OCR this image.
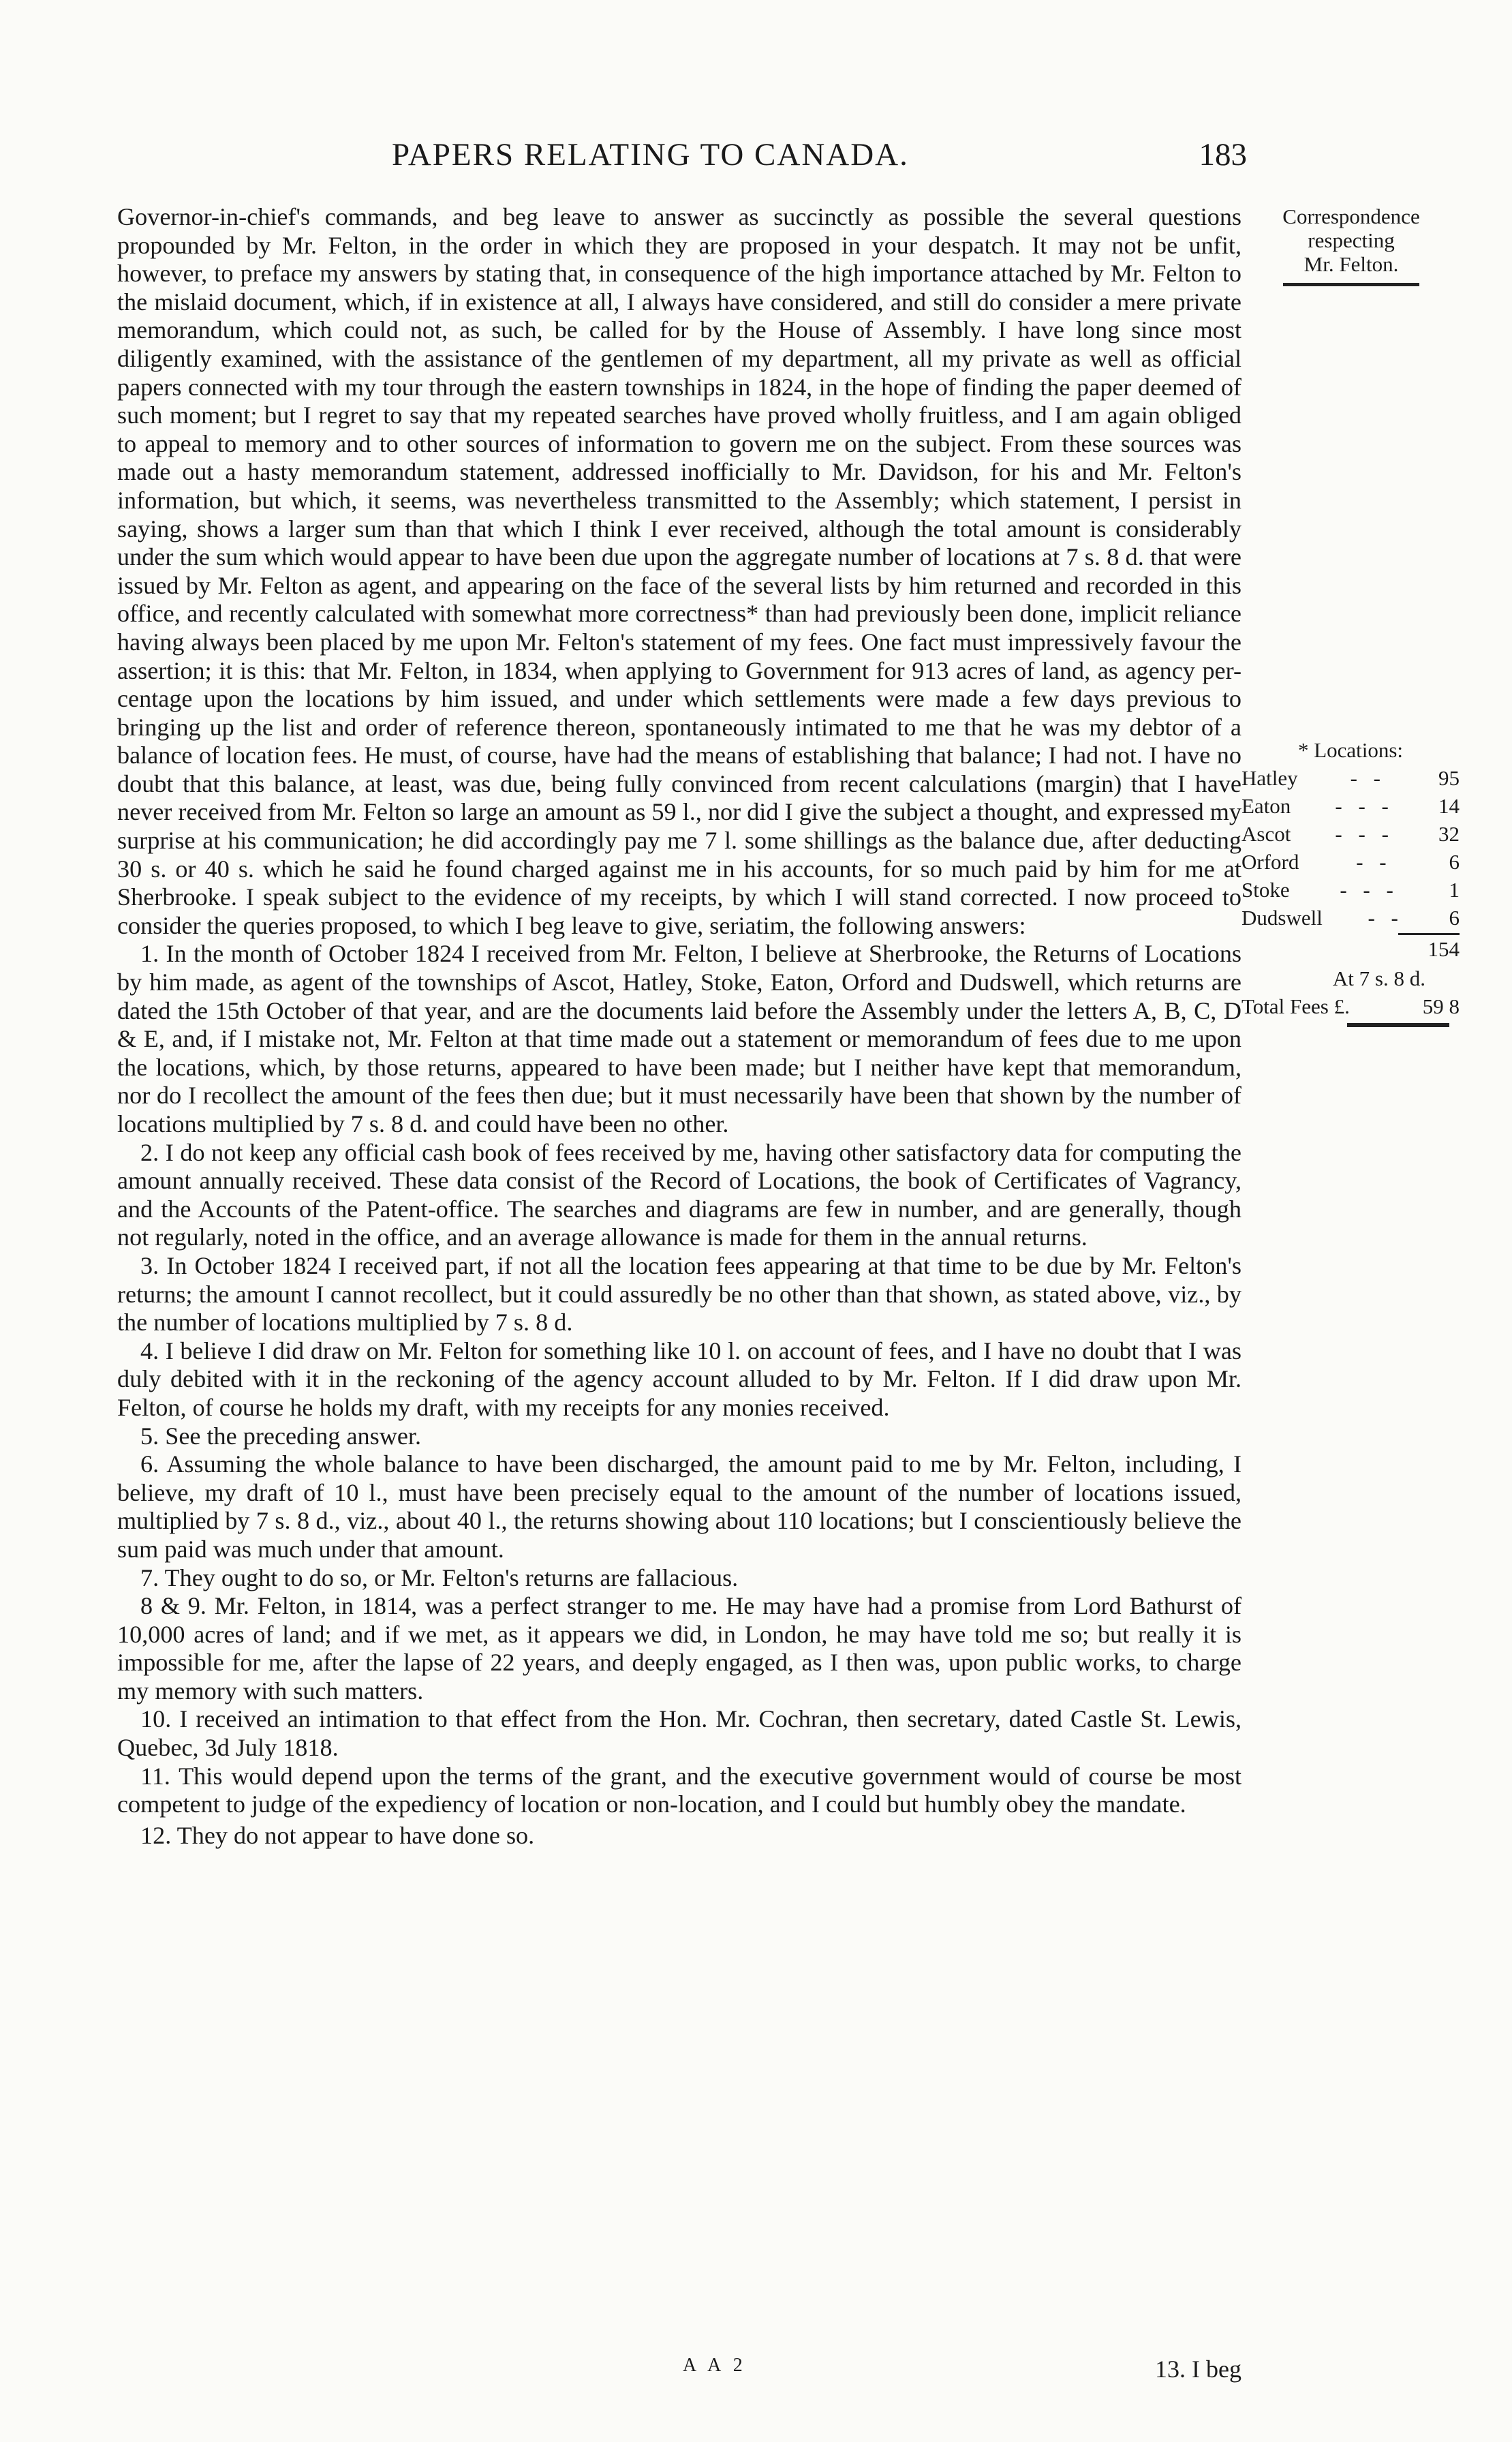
PAPERS RELATING TO CANADA.	183
Correspondence
respecting
Mr. Felton.
* Locations:
Hatley	- -	95
Eaton	- - -	14
Ascot	- - -	32
Orford	- -	6
Stoke	- - -	1
Dudswell	- -	6
154
At 7 s. 8 d.
Total Fees £.	59 8

Governor-in-chief's commands, and beg leave to answer as succinctly as possible the several questions propounded by Mr. Felton, in the order in which they are proposed in your despatch. It may not be unfit, however, to preface my answers by stating that, in consequence of the high importance attached by Mr. Felton to the mislaid document, which, if in existence at all, I always have considered, and still do consider a mere private memorandum, which could not, as such, be called for by the House of Assembly. I have long since most diligently examined, with the assistance of the gentlemen of my department, all my private as well as official papers connected with my tour through the eastern townships in 1824, in the hope of finding the paper deemed of such moment; but I regret to say that my repeated searches have proved wholly fruitless, and I am again obliged to appeal to memory and to other sources of information to govern me on the subject. From these sources was made out a hasty memorandum statement, addressed inofficially to Mr. Davidson, for his and Mr. Felton's information, but which, it seems, was nevertheless transmitted to the Assembly; which statement, I persist in saying, shows a larger sum than that which I think I ever received, although the total amount is considerably under the sum which would appear to have been due upon the aggregate number of locations at 7 s. 8 d. that were issued by Mr. Felton as agent, and appearing on the face of the several lists by him returned and recorded in this office, and recently calculated with somewhat more correctness* than had previously been done, implicit reliance having always been placed by me upon Mr. Felton's statement of my fees. One fact must impressively favour the assertion; it is this: that Mr. Felton, in 1834, when applying to Government for 913 acres of land, as agency per-centage upon the locations by him issued, and under which settlements were made a few days previous to bringing up the list and order of reference thereon, spontaneously intimated to me that he was my debtor of a balance of location fees. He must, of course, have had the means of establishing that balance; I had not. I have no doubt that this balance, at least, was due, being fully convinced from recent calculations (margin) that I have never received from Mr. Felton so large an amount as 59 l., nor did I give the subject a thought, and expressed my surprise at his communication; he did accordingly pay me 7 l. some shillings as the balance due, after deducting 30 s. or 40 s. which he said he found charged against me in his accounts, for so much paid by him for me at Sherbrooke. I speak subject to the evidence of my receipts, by which I will stand corrected. I now proceed to consider the queries proposed, to which I beg leave to give, seriatim, the following answers:

1. In the month of October 1824 I received from Mr. Felton, I believe at Sherbrooke, the Returns of Locations by him made, as agent of the townships of Ascot, Hatley, Stoke, Eaton, Orford and Dudswell, which returns are dated the 15th October of that year, and are the documents laid before the Assembly under the letters A, B, C, D & E, and, if I mistake not, Mr. Felton at that time made out a statement or memorandum of fees due to me upon the locations, which, by those returns, appeared to have been made; but I neither have kept that memorandum, nor do I recollect the amount of the fees then due; but it must necessarily have been that shown by the number of locations multiplied by 7 s. 8 d. and could have been no other.

2. I do not keep any official cash book of fees received by me, having other satisfactory data for computing the amount annually received. These data consist of the Record of Locations, the book of Certificates of Vagrancy, and the Accounts of the Patent-office. The searches and diagrams are few in number, and are generally, though not regularly, noted in the office, and an average allowance is made for them in the annual returns.

3. In October 1824 I received part, if not all the location fees appearing at that time to be due by Mr. Felton's returns; the amount I cannot recollect, but it could assuredly be no other than that shown, as stated above, viz., by the number of locations multiplied by 7 s. 8 d.

4. I believe I did draw on Mr. Felton for something like 10 l. on account of fees, and I have no doubt that I was duly debited with it in the reckoning of the agency account alluded to by Mr. Felton. If I did draw upon Mr. Felton, of course he holds my draft, with my receipts for any monies received.

5. See the preceding answer.

6. Assuming the whole balance to have been discharged, the amount paid to me by Mr. Felton, including, I believe, my draft of 10 l., must have been precisely equal to the amount of the number of locations issued, multiplied by 7 s. 8 d., viz., about 40 l., the returns showing about 110 locations; but I conscientiously believe the sum paid was much under that amount.

7. They ought to do so, or Mr. Felton's returns are fallacious.

8 & 9. Mr. Felton, in 1814, was a perfect stranger to me. He may have had a promise from Lord Bathurst of 10,000 acres of land; and if we met, as it appears we did, in London, he may have told me so; but really it is impossible for me, after the lapse of 22 years, and deeply engaged, as I then was, upon public works, to charge my memory with such matters.

10. I received an intimation to that effect from the Hon. Mr. Cochran, then secretary, dated Castle St. Lewis, Quebec, 3d July 1818.

11. This would depend upon the terms of the grant, and the executive government would of course be most competent to judge of the expediency of location or non-location, and I could but humbly obey the mandate.

12. They do not appear to have done so.

A A 2	13. I beg
